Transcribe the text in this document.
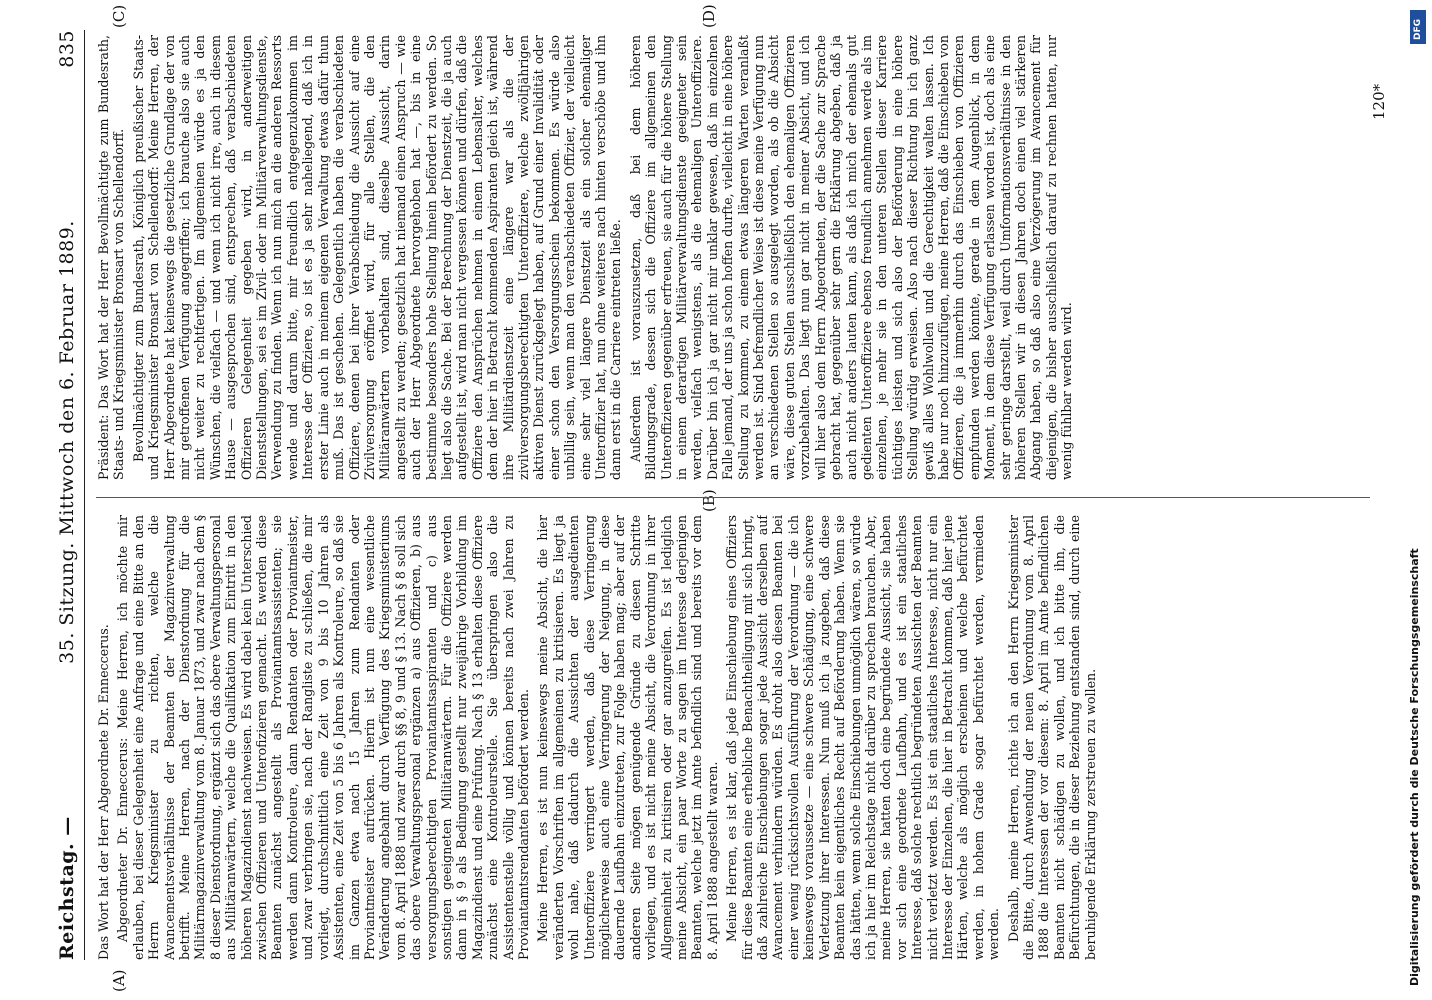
Reichstag. —
35. Sitzung. Mittwoch den 6. Februar 1889.
835
(A)
(B)
(C)	(D)

Das Wort hat der Herr Abgeordnete Dr. Enneccerus. Abgeordneter Dr. Enneccerus: Meine Herren, ich möchte mir erlauben, bei dieser Gelegenheit eine Anfrage und eine Bitte an den Herrn Kriegsminister zu richten, welche die Avancementsverhältnisse der Beamten der Magazinverwaltung betrifft. Meine Herren, nach der Dienstordnung für die Militärmagazinverwaltung vom 8. Januar 1873, und zwar nach dem § 8 dieser Dienstordnung, ergänzt sich das obere Verwaltungspersonal aus Militäranwärtern, welche die Qualifikation zum Eintritt in den höheren Magazindienst nachweisen. Es wird dabei kein Unterschied zwischen Offizieren und Unterofizieren gemacht. Es werden diese Beamten zunächst angestellt als Proviantamtsassistenten; sie werden dann Kontroleure, dann Rendanten oder Proviantmeister, und zwar verbringen sie, nach der Rangliste zu schließen, die mir vorliegt, durchschnittlich eine Zeit von 9 bis 10 Jahren als Assistenten, eine Zeit von 5 bis 6 Jahren als Kontroleure, so daß sie im Ganzen etwa nach 15 Jahren zum Rendanten oder Proviantmeister aufrücken. Hierin ist nun eine wesentliche Veränderung angebahnt durch Verfügung des Kriegsministeriums vom 8. April 1888 und zwar durch §§ 8, 9 und § 13. Nach § 8 soll sich das obere Verwaltungspersonal ergänzen a) aus Offizieren, b) aus versorgungsberechtigten Proviantamtsaspiranten und c) aus sonstigen geeigneten Militäranwärtern. Für die Offiziere werden dann in § 9 als Bedingung gestellt nur zweijährige Vorbildung im Magazindienst und eine Prüfung. Nach § 13 erhalten diese Offiziere zunächst eine Kontroleurstelle. Sie überspringen also die Assistentenstelle völlig und können bereits nach zwei Jahren zu Proviantamtsrendanten befördert werden. Meine Herren, es ist nun keineswegs meine Absicht, die hier veränderten Vorschriften im allgemeinen zu kritisieren. Es liegt ja wohl nahe, daß dadurch die Aussichten der ausgedienten Unteroffiziere verringert werden, daß diese Verringerung möglicherweise auch eine Verringerung der Neigung, in diese dauernde Laufbahn einzutreten, zur Folge haben mag; aber auf der anderen Seite mögen genügende Gründe zu diesen Schritte vorliegen, und es ist nicht meine Absicht, die Verordnung in ihrer Allgemeinheit zu kritisiren oder gar anzugreifen. Es ist lediglich meine Absicht, ein paar Worte zu sagen im Interesse derjenigen Beamten, welche jetzt im Amte befindlich sind und bereits vor dem 8. April 1888 angestellt waren. Meine Herren, es ist klar, daß jede Einschiebung eines Offiziers für diese Beamten eine erhebliche Benachtheiligung mit sich bringt, daß zahlreiche Einschiebungen sogar jede Aussicht derselben auf Avancement verhindern würden. Es droht also diesen Beamten bei einer wenig rücksichtsvollen Ausführung der Verordnung — die ich keineswegs voraussetze — eine schwere Schädigung, eine schwere Verletzung ihrer Interessen. Nun muß ich ja zugeben, daß diese Beamten kein eigentliches Recht auf Beförderung haben. Wenn sie das hätten, wenn solche Einschiebungen unmöglich wären, so würde ich ja hier im Reichstage nicht darüber zu sprechen brauchen. Aber, meine Herren, sie hatten doch eine begründete Aussicht, sie haben vor sich eine geordnete Laufbahn, und es ist ein staatliches Interesse, daß solche rechtlich begründeten Aussichten der Beamten nicht verletzt werden. Es ist ein staatliches Interesse, nicht nur ein Interesse der Einzelnen, die hier in Betracht kommen, daß hier jene Härten, welche als möglich erscheinen und welche befürchtet werden, in hohem Grade sogar befürchtet werden, vermieden werden. Deshalb, meine Herren, richte ich an den Herrn Kriegsminister die Bitte, durch Anwendung der neuen Verordnung vom 8. April 1888 die Interessen der vor diesem: 8. April im Amte befindlichen Beamten nicht schädigen zu wollen, und ich bitte ihn, die Befürchtungen, die in dieser Beziehung entstanden sind, durch eine beruhigende Erklärung zerstreuen zu wollen.

Präsident: Das Wort hat der Herr Bevollmächtigte zum Bundesrath, Staats- und Kriegsminister Bronsart von Schellendorff. Bevollmächtigter zum Bundesrath, Königlich preußischer Staats- und Kriegsminister Bronsart von Schellendorff: Meine Herren, der Herr Abgeordnete hat keineswegs die gesetzliche Grundlage der von mir getroffenen Verfügung angegriffen; ich brauche also sie auch nicht weiter zu rechtfertigen. Im allgemeinen würde es ja den Wünschen, die vielfach — und wenn ich nicht irre, auch in diesem Hause — ausgesprochen sind, entsprechen, daß verabschiedeten Offizieren Gelegenheit gegeben wird, in anderweitigen Dienststellungen, sei es im Zivil- oder im Militärverwaltungsdienste, Verwendung zu finden. Wenn ich nun mich an die anderen Ressorts wende und darum bitte, mir freundlich entgegenzukommen im Interesse der Offiziere, so ist es ja sehr naheliegend, daß ich in erster Linie auch in meinem eigenen Verwaltung etwas dafür thun muß. Das ist geschehen. Gelegentlich haben die verabschiedeten Offiziere, denen bei ihrer Verabschiedung die Aussicht auf eine Zivilversorgung eröffnet wird, für alle Stellen, die den Militäranwärtern vorbehalten sind, dieselbe Aussicht, darin angestellt zu werden; gesetzlich hat niemand einen Anspruch — wie auch der Herr Abgeordnete hervorgehoben hat —, bis in eine bestimmte besonders hohe Stellung hinein befördert zu werden. So liegt also die Sache. Bei der Berechnung der Dienstzeit, die ja auch aufgestellt ist, wird man nicht vergessen können und dürfen, daß die Offiziere den Ansprüchen nehmen in einem Lebensalter, welches dem der hier in Betracht kommenden Aspiranten gleich ist, während ihre Militärdienstzeit eine längere war als die der zivilversorgungsberechtigten Unteroffiziere, welche zwölfjährigen aktiven Dienst zurückgelegt haben, auf Grund einer Invalidität oder einer schon den Versorgungsschein bekommen. Es würde also unbillig sein, wenn man den verabschiedeten Offizier, der vielleicht eine sehr viel längere Dienstzeit als ein solcher ehemaliger Unteroffizier hat, nun ohne weiteres nach hinten verschöbe und ihn dann erst in die Carriere eintreten ließe. Außerdem ist vorauszusetzen, daß bei dem höheren Bildungsgrade, dessen sich die Offiziere im allgemeinen den Unteroffizieren gegenüber erfreuen, sie auch für die höhere Stellung in einem derartigen Militärverwaltungsdienste geeigneter sein werden, vielfach wenigstens, als die ehemaligen Unteroffiziere. Darüber bin ich ja gar nicht mir unklar gewesen, daß im einzelnen Falle jemand, der uns ja schon hoffen durfte, vielleicht in eine höhere Stellung zu kommen, zu einem etwas längeren Warten veranlaßt werden ist. Sind befremdlicher Weise ist diese meine Verfügung nun an verschiedenen Stellen so ausgelegt worden, als ob die Absicht wäre, diese guten Stellen ausschließlich den ehemaligen Offizieren vorzubehalten. Das liegt nun gar nicht in meiner Absicht, und ich will hier also dem Herrn Abgeordneten, der die Sache zur Sprache gebracht hat, gegenüber sehr gern die Erklärung abgeben, daß ja auch nicht anders lauten kann, als daß ich mich der ehemals gut gedienten Unteroffiziere ebenso freundlich annehmen werde als im einzelnen, je mehr sie in den unteren Stellen dieser Karriere tüchtiges leisten und sich also der Beförderung in eine höhere Stellung würdig erweisen. Also nach dieser Richtung bin ich ganz gewiß alles Wohlwollen und die Gerechtigkeit walten lassen. Ich habe nur noch hinzuzufügen, meine Herren, daß die Einschieben von Offizieren, die ja immerhin durch das Einschieben von Offizieren empfunden werden könnte, gerade in dem Augenblick, in dem Moment, in dem diese Verfügung erlassen worden ist, doch als eine sehr geringe darstellt, weil durch Umformationsverhältnisse in den höheren Stellen wir in diesen Jahren doch einen viel stärkeren Abgang haben, so daß also eine Verzögerung im Avancement für diejenigen, die bisher ausschließlich darauf zu rechnen hatten, nur wenig fühlbar werden wird.

120*
Digitalisierung gefördert durch die Deutsche Forschungsgemeinschaft
DFG
